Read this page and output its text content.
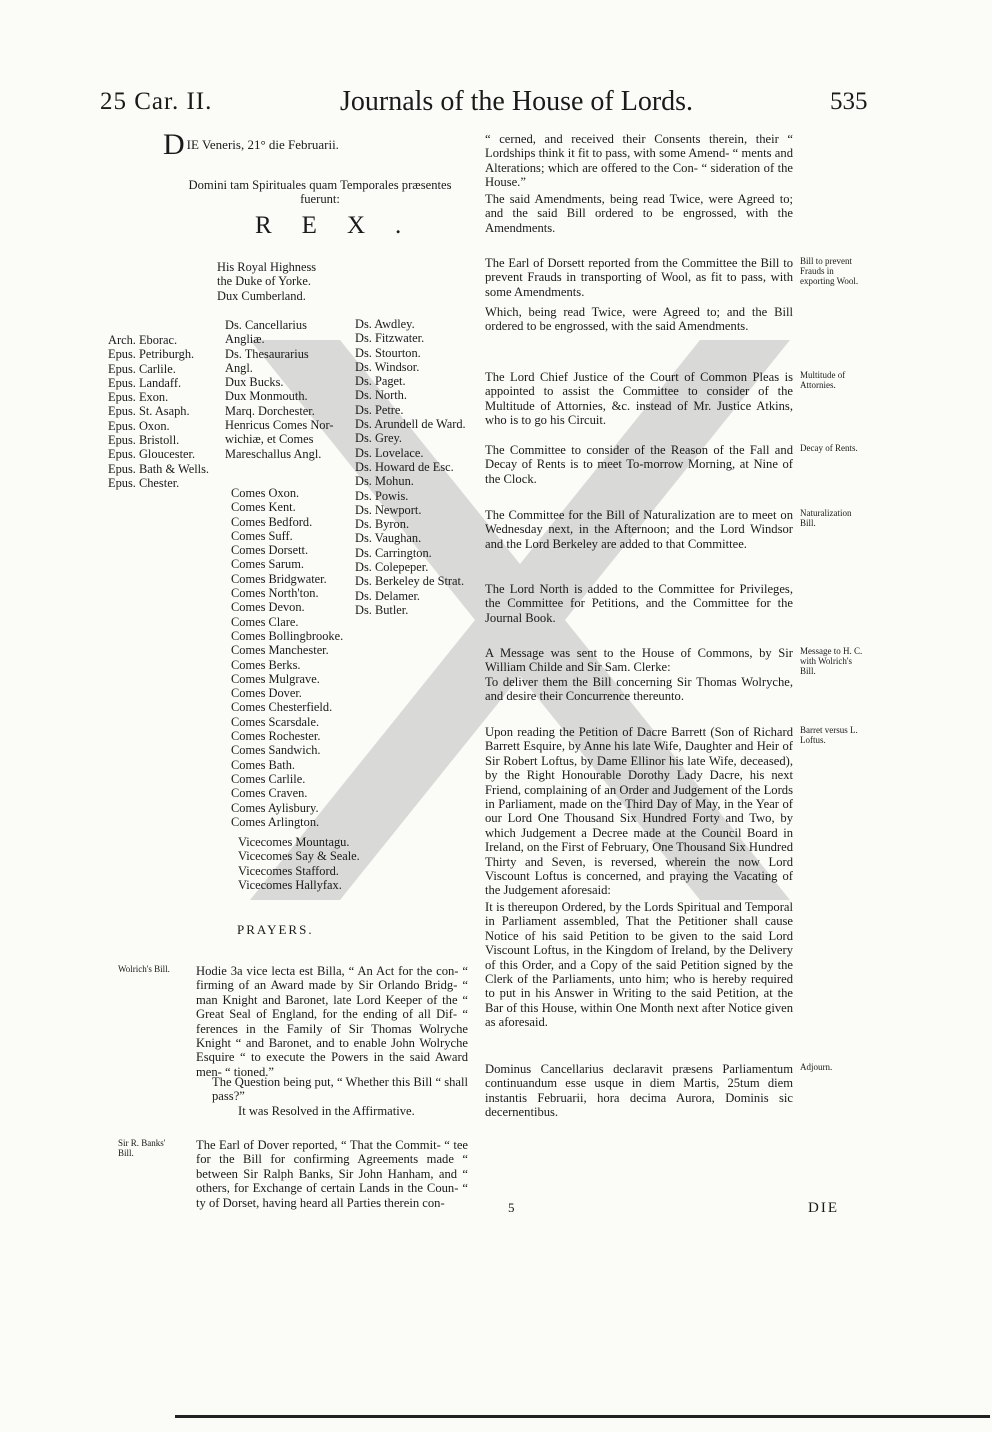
25 Car. II.	Journals of the House of Lords.	535
D IE Veneris, 21° die Februarii.

Domini tam Spirituales quam Temporales præsentes fuerunt:

REX.
Arch. Eborac.
Epus. Petriburgh.
Epus. Carlile.
Epus. Landaff.
Epus. Exon.
Epus. St. Asaph.
Epus. Oxon.
Epus. Bristoll.
Epus. Gloucester.
Epus. Bath & Wells.
Epus. Chester.
His Royal Highness
the Duke of Yorke.
Dux Cumberland.
Ds. Cancellarius
Angliæ.
Ds. Thesaurarius
Angl.
Dux Bucks.
Dux Monmouth.
Marq. Dorchester.
Henricus Comes Nor-
wichiæ, et Comes
Mareschallus Angl.
Comes Oxon.
Comes Kent.
Comes Bedford.
Comes Suff.
Comes Dorsett.
Comes Sarum.
Comes Bridgwater.
Comes North'ton.
Comes Devon.
Comes Clare.
Comes Bollingbrooke.
Comes Manchester.
Comes Berks.
Comes Mulgrave.
Comes Dover.
Comes Chesterfield.
Comes Scarsdale.
Comes Rochester.
Comes Sandwich.
Comes Bath.
Comes Carlile.
Comes Craven.
Comes Aylisbury.
Comes Arlington.
Vicecomes Mountagu.
Vicecomes Say & Seale.
Vicecomes Stafford.
Vicecomes Hallyfax.
Ds. Awdley.
Ds. Fitzwater.
Ds. Stourton.
Ds. Windsor.
Ds. Paget.
Ds. North.
Ds. Petre.
Ds. Arundell de Ward.
Ds. Grey.
Ds. Lovelace.
Ds. Howard de Esc.
Ds. Mohun.
Ds. Powis.
Ds. Newport.
Ds. Byron.
Ds. Vaughan.
Ds. Carrington.
Ds. Colepeper.
Ds. Berkeley de Strat.
Ds. Delamer.
Ds. Butler.
PRAYERS.
Wolrich's Bill.	Hodie 3a vice lecta est Billa, “ An Act for the con- “ firming of an Award made by Sir Orlando Bridg- “ man Knight and Baronet, late Lord Keeper of the “ Great Seal of England, for the ending of all Dif- “ ferences in the Family of Sir Thomas Wolryche Knight “ and Baronet, and to enable John Wolryche Esquire “ to execute the Powers in the said Award men- “ tioned.”

The Question being put, “ Whether this Bill “ shall pass?”

It was Resolved in the Affirmative.

Sir R. Banks' Bill.

The Earl of Dover reported, “ That the Commit- “ tee for the Bill for confirming Agreements made “ between Sir Ralph Banks, Sir John Hanham, and “ others, for Exchange of certain Lands in the Coun- “ ty of Dorset, having heard all Parties therein con-

“ cerned, and received their Consents therein, their “ Lordships think it fit to pass, with some Amend- “ ments and Alterations; which are offered to the Con- “ sideration of the House.”

The said Amendments, being read Twice, were Agreed to; and the said Bill ordered to be engrossed, with the Amendments.

The Earl of Dorsett reported from the Committee the Bill to prevent Frauds in transporting of Wool, as fit to pass, with some Amendments.

Bill to prevent Frauds in exporting Wool.

Which, being read Twice, were Agreed to; and the Bill ordered to be engrossed, with the said Amendments.

The Lord Chief Justice of the Court of Common Pleas is appointed to assist the Committee to consider of the Multitude of Attornies, &c. instead of Mr. Justice Atkins, who is to go his Circuit.

Multitude of Attornies.

The Committee to consider of the Reason of the Fall and Decay of Rents is to meet To-morrow Morning, at Nine of the Clock.

Decay of Rents.

The Committee for the Bill of Naturalization are to meet on Wednesday next, in the Afternoon; and the Lord Windsor and the Lord Berkeley are added to that Committee.

Naturalization Bill.

The Lord North is added to the Committee for Privileges, the Committee for Petitions, and the Committee for the Journal Book.

A Message was sent to the House of Commons, by Sir William Childe and Sir Sam. Clerke:

To deliver them the Bill concerning Sir Thomas Wolryche, and desire their Concurrence thereunto.

Message to H. C. with Wolrich's Bill.

Upon reading the Petition of Dacre Barrett (Son of Richard Barrett Esquire, by Anne his late Wife, Daughter and Heir of Sir Robert Loftus, by Dame Ellinor his late Wife, deceased), by the Right Honourable Dorothy Lady Dacre, his next Friend, complaining of an Order and Judgement of the Lords in Parliament, made on the Third Day of May, in the Year of our Lord One Thousand Six Hundred Forty and Two, by which Judgement a Decree made at the Council Board in Ireland, on the First of February, One Thousand Six Hundred Thirty and Seven, is reversed, wherein the now Lord Viscount Loftus is concerned, and praying the Vacating of the Judgement aforesaid:

Barret versus L. Loftus.

It is thereupon Ordered, by the Lords Spiritual and Temporal in Parliament assembled, That the Petitioner shall cause Notice of his said Petition to be given to the said Lord Viscount Loftus, in the Kingdom of Ireland, by the Delivery of this Order, and a Copy of the said Petition signed by the Clerk of the Parliaments, unto him; who is hereby required to put in his Answer in Writing to the said Petition, at the Bar of this House, within One Month next after Notice given as aforesaid.

Dominus Cancellarius declaravit præsens Parliamentum continuandum esse usque in diem Martis, 25tum diem instantis Februarii, hora decima Aurora, Dominis sic decernentibus.

Adjourn.
5	DIE
